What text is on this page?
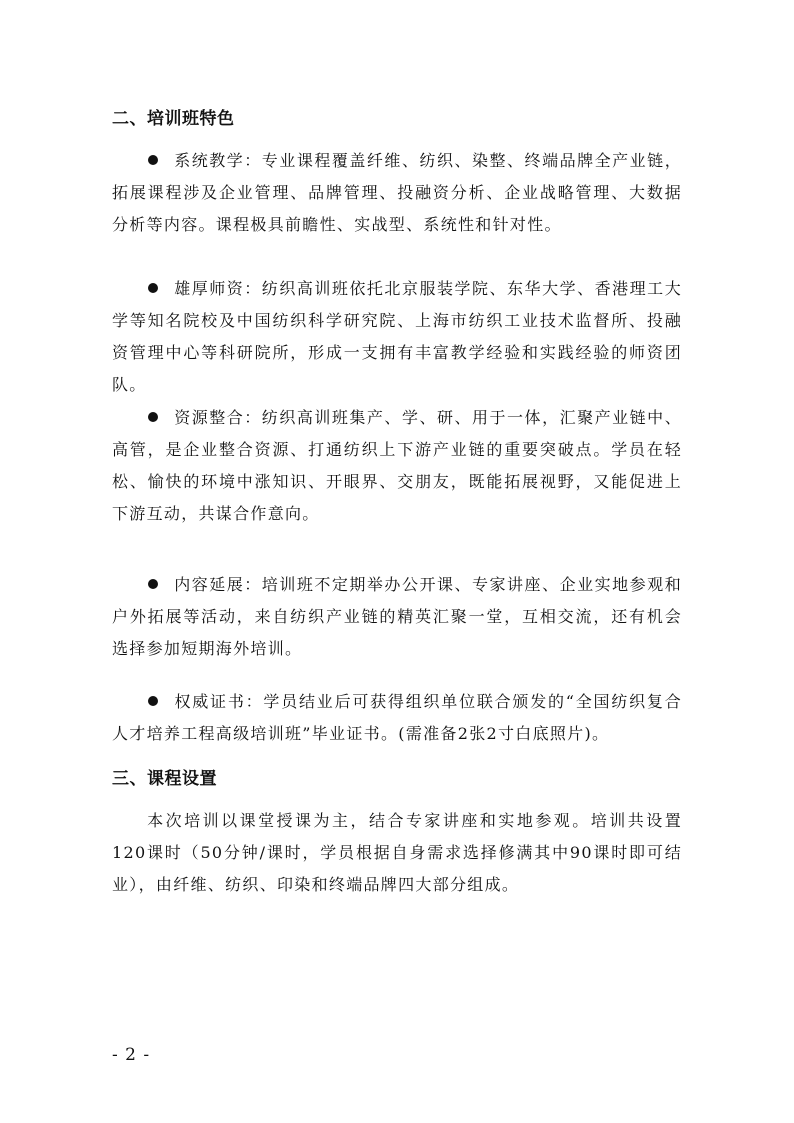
二、培训班特色

系统教学：专业课程覆盖纤维、纺织、染整、终端品牌全产业链，拓展课程涉及企业管理、品牌管理、投融资分析、企业战略管理、大数据分析等内容。课程极具前瞻性、实战型、系统性和针对性。

雄厚师资：纺织高训班依托北京服装学院、东华大学、香港理工大学等知名院校及中国纺织科学研究院、上海市纺织工业技术监督所、投融资管理中心等科研院所，形成一支拥有丰富教学经验和实践经验的师资团队。

资源整合：纺织高训班集产、学、研、用于一体，汇聚产业链中、高管，是企业整合资源、打通纺织上下游产业链的重要突破点。学员在轻松、愉快的环境中涨知识、开眼界、交朋友，既能拓展视野，又能促进上下游互动，共谋合作意向。

内容延展：培训班不定期举办公开课、专家讲座、企业实地参观和户外拓展等活动，来自纺织产业链的精英汇聚一堂，互相交流，还有机会选择参加短期海外培训。

权威证书：学员结业后可获得组织单位联合颁发的“全国纺织复合人才培养工程高级培训班”毕业证书。(需准备2张2寸白底照片)。

三、课程设置

本次培训以课堂授课为主，结合专家讲座和实地参观。培训共设置120课时（50分钟/课时，学员根据自身需求选择修满其中90课时即可结业），由纤维、纺织、印染和终端品牌四大部分组成。

- 2 -
